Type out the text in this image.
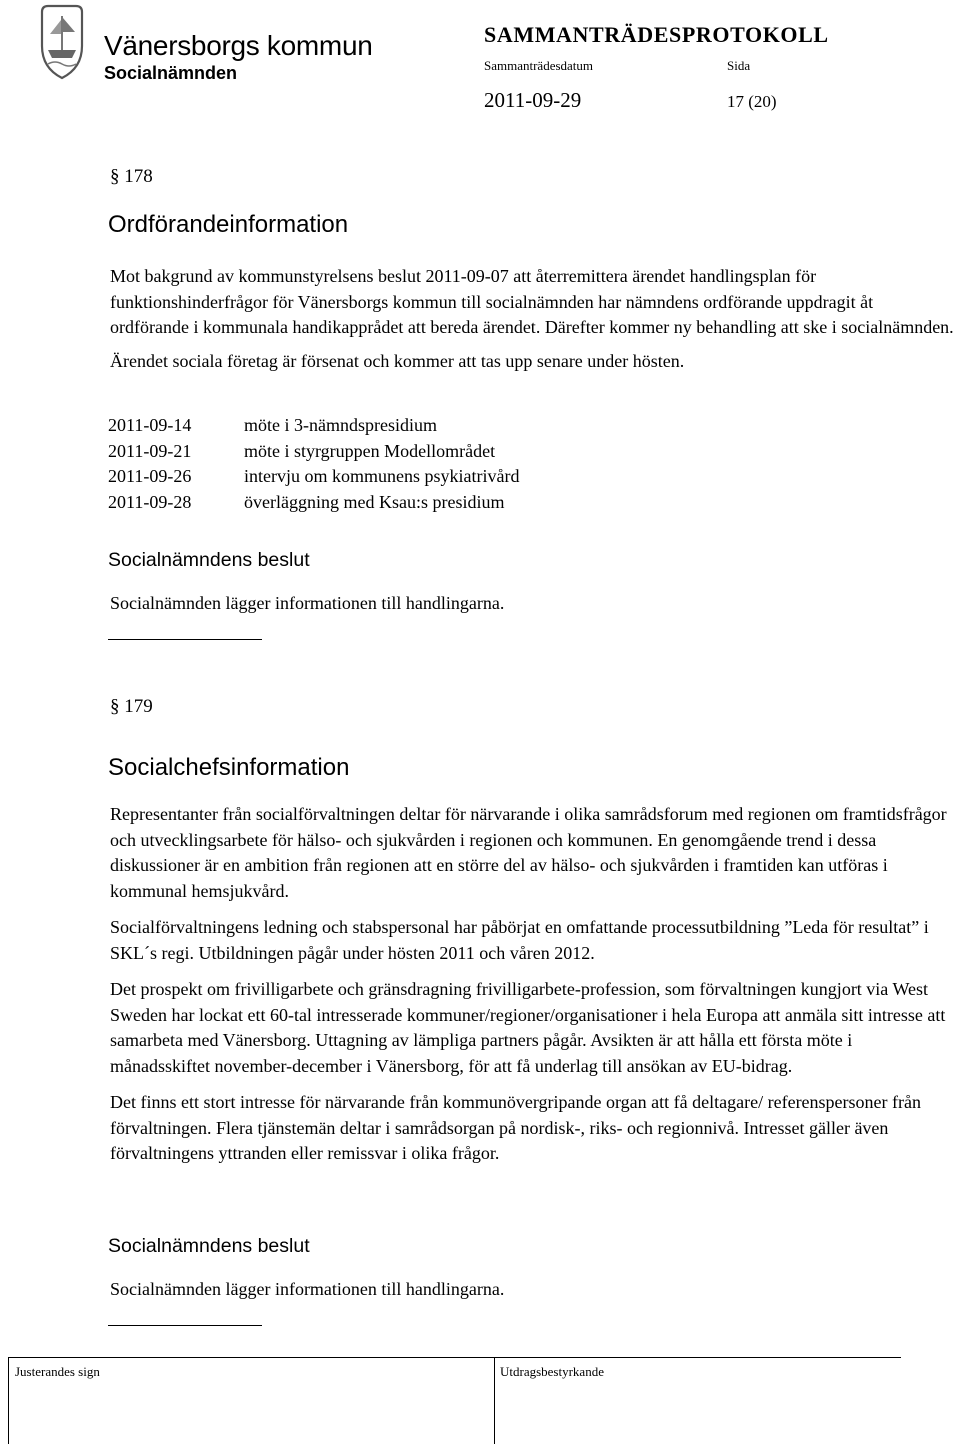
Vänersborgs kommun
Socialnämnden
SAMMANTRÄDESPROTOKOLL
Sammanträdesdatum	Sida
2011-09-29	17 (20)
§ 178
Ordförandeinformation

Mot bakgrund av kommunstyrelsens beslut 2011-09-07 att återremittera ärendet handlingsplan för funktionshinderfrågor för Vänersborgs kommun till socialnämnden har nämndens ordförande uppdragit åt ordförande i kommunala handikapprådet att bereda ärendet. Därefter kommer ny behandling att ske i socialnämnden.

Ärendet sociala företag är försenat och kommer att tas upp senare under hösten.

2011-09-14	möte i 3-nämndspresidium
2011-09-21	möte i styrgruppen Modellområdet
2011-09-26	intervju om kommunens psykiatrivård
2011-09-28	överläggning med Ksau:s presidium
Socialnämndens beslut
Socialnämnden lägger informationen till handlingarna.
§ 179
Socialchefsinformation

Representanter från socialförvaltningen deltar för närvarande i olika samrådsforum med regionen om framtidsfrågor och utvecklingsarbete för hälso- och sjukvården i regionen och kommunen. En genomgående trend i dessa diskussioner är en ambition från regionen att en större del av hälso- och sjukvården i framtiden kan utföras i kommunal hemsjukvård.

Socialförvaltningens ledning och stabspersonal har påbörjat en omfattande processutbildning ”Leda för resultat” i SKL´s regi. Utbildningen pågår under hösten 2011 och våren 2012.

Det prospekt om frivilligarbete och gränsdragning frivilligarbete-profession, som förvaltningen kungjort via West Sweden har lockat ett 60-tal intresserade kommuner/regioner/organisationer i hela Europa att anmäla sitt intresse att samarbeta med Vänersborg. Uttagning av lämpliga partners pågår. Avsikten är att hålla ett första möte i månadsskiftet november-december i Vänersborg, för att få underlag till ansökan av EU-bidrag.

Det finns ett stort intresse för närvarande från kommunövergripande organ att få deltagare/ referenspersoner från förvaltningen. Flera tjänstemän deltar i samrådsorgan på nordisk-, riks- och regionnivå. Intresset gäller även förvaltningens yttranden eller remissvar i olika frågor.

Socialnämndens beslut
Socialnämnden lägger informationen till handlingarna.
Justerandes sign	Utdragsbestyrkande
